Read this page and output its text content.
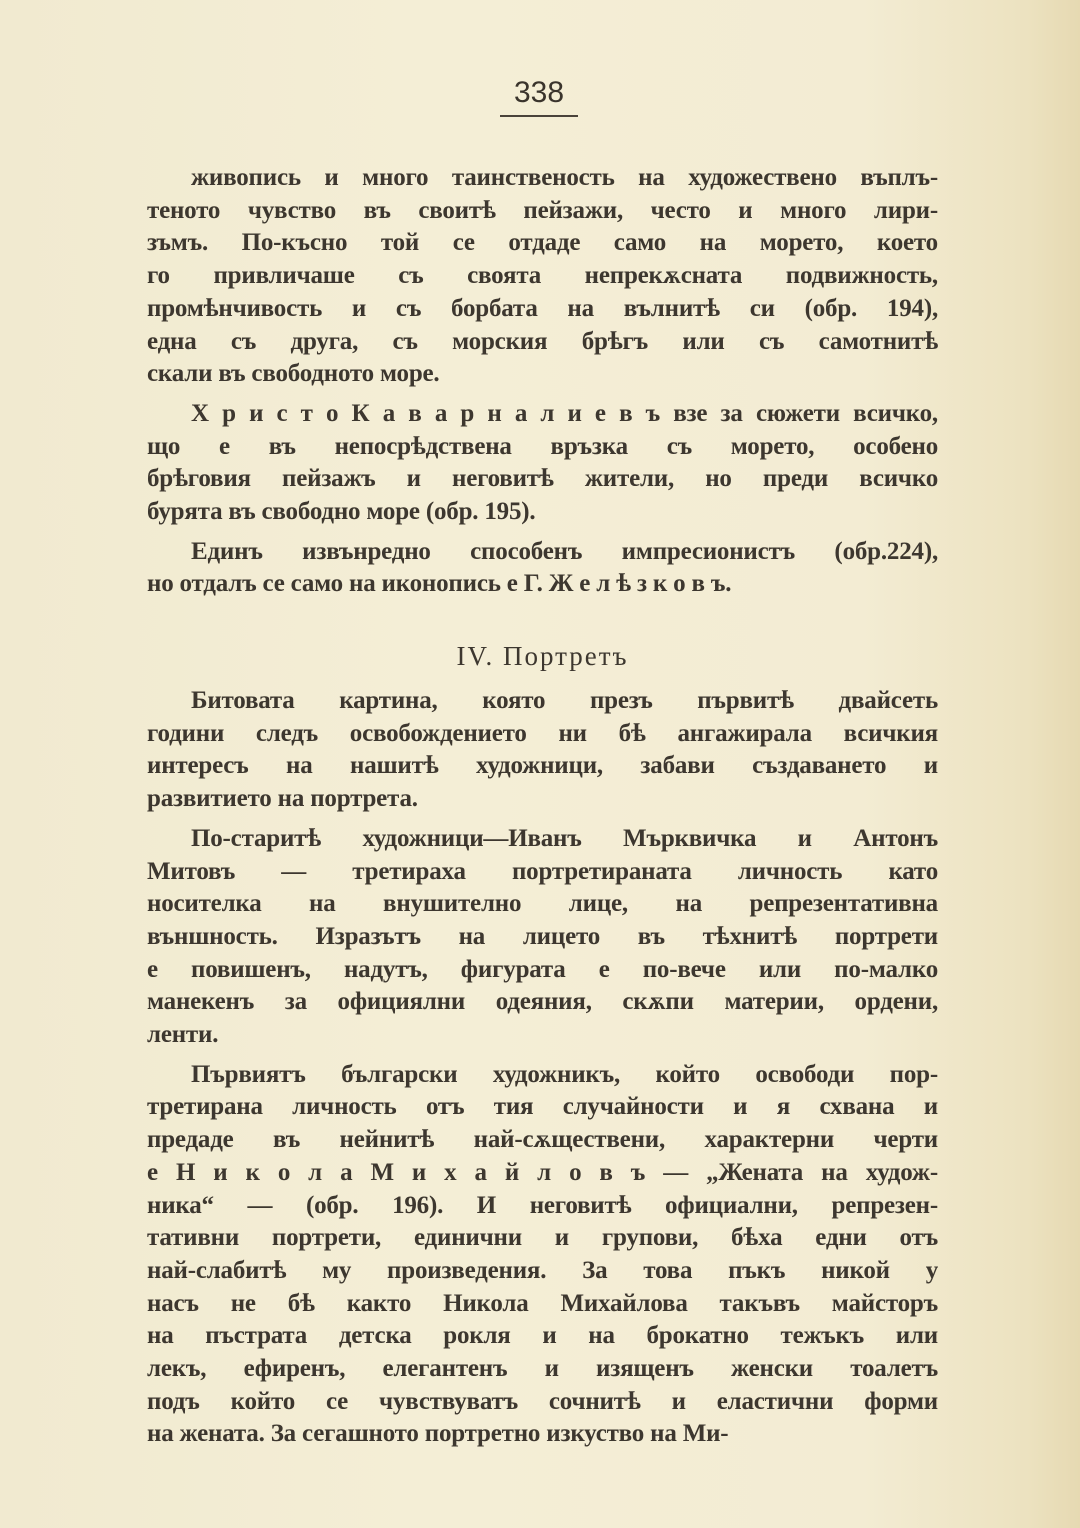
338
IV. Портретъ
живопись и много таинственость на художествено въплъ-
теното чувство въ своитѣ пейзажи, често и много лири-
зъмъ. По-късно той се отдаде само на морето, което
го привличаше съ своята непрекѫсната подвижность,
промѣнчивость и съ борбата на вълнитѣ си (обр. 194),
една съ друга, съ морския брѣгъ или съ самотнитѣ
скали въ свободното море.
Х р и с т о К а в а р н а л и е в ъ взе за сюжети всичко,
що е въ непосрѣдствена връзка съ морето, особено
брѣговия пейзажъ и неговитѣ жители, но преди всичко
бурята въ свободно море (обр. 195).
Единъ извънредно способенъ импресионистъ (обр.224),
но отдалъ се само на иконопись е Г. Ж е л ѣ з к о в ъ.
Битовата картина, която презъ първитѣ двайсеть
години следъ освобождението ни бѣ ангажирала всичкия
интересъ на нашитѣ художници, забави създаването и
развитието на портрета.
По-старитѣ художници—Иванъ Мърквичка и Антонъ
Митовъ — третираха портретираната личность като
носителка на внушително лице, на репрезентативна
външность. Изразътъ на лицето въ тѣхнитѣ портрети
е повишенъ, надутъ, фигурата е по-вече или по-малко
манекенъ за официялни одеяния, скѫпи материи, ордени,
ленти.
Първиятъ български художникъ, който освободи пор-
третирана личность отъ тия случайности и я схвана и
предаде въ нейнитѣ най-сѫществени, характерни черти
е Н и к о л а М и х а й л о в ъ — „Жената на худож-
ника“ — (обр. 196). И неговитѣ официални, репрезен-
тативни портрети, единични и групови, бѣха едни отъ
най-слабитѣ му произведения. За това пъкъ никой у
насъ не бѣ както Никола Михайлова такъвъ майсторъ
на пъстрата детска рокля и на брокатно тежъкъ или
лекъ, ефиренъ, елегантенъ и изященъ женски тоалетъ
подъ който се чувствуватъ сочнитѣ и еластични форми
на жената. За сегашното портретно изкуство на Ми-
